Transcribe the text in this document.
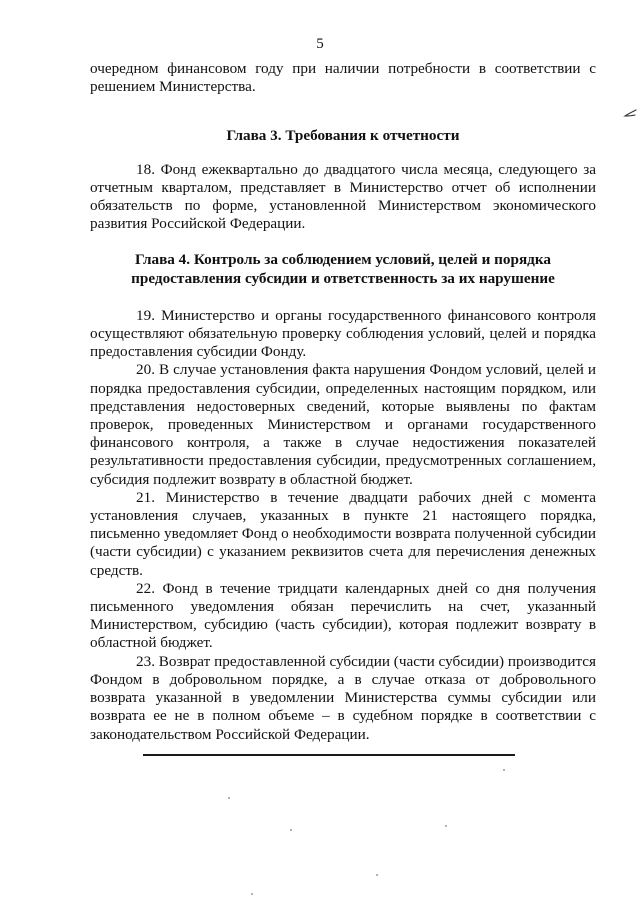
5

очередном финансовом году при наличии потребности в соответствии с решением Министерства.

Глава 3. Требования к отчетности

18. Фонд ежеквартально до двадцатого числа месяца, следующего за отчетным кварталом, представляет в Министерство отчет об исполнении обязательств по форме, установленной Министерством экономического развития Российской Федерации.

Глава 4. Контроль за соблюдением условий, целей и порядка
предоставления субсидии и ответственность за их нарушение

19. Министерство и органы государственного финансового контроля осуществляют обязательную проверку соблюдения условий, целей и порядка предоставления субсидии Фонду.

20. В случае установления факта нарушения Фондом условий, целей и порядка предоставления субсидии, определенных настоящим порядком, или представления недостоверных сведений, которые выявлены по фактам проверок, проведенных Министерством и органами государственного финансового контроля, а также в случае недостижения показателей результативности предоставления субсидии, предусмотренных соглашением, субсидия подлежит возврату в областной бюджет.

21. Министерство в течение двадцати рабочих дней с момента установления случаев, указанных в пункте 21 настоящего порядка, письменно уведомляет Фонд о необходимости возврата полученной субсидии (части субсидии) с указанием реквизитов счета для перечисления денежных средств.

22. Фонд в течение тридцати календарных дней со дня получения письменного уведомления обязан перечислить на счет, указанный Министерством, субсидию (часть субсидии), которая подлежит возврату в областной бюджет.

23. Возврат предоставленной субсидии (части субсидии) производится Фондом в добровольном порядке, а в случае отказа от добровольного возврата указанной в уведомлении Министерства суммы субсидии или возврата ее не в полном объеме – в судебном порядке в соответствии с законодательством Российской Федерации.
